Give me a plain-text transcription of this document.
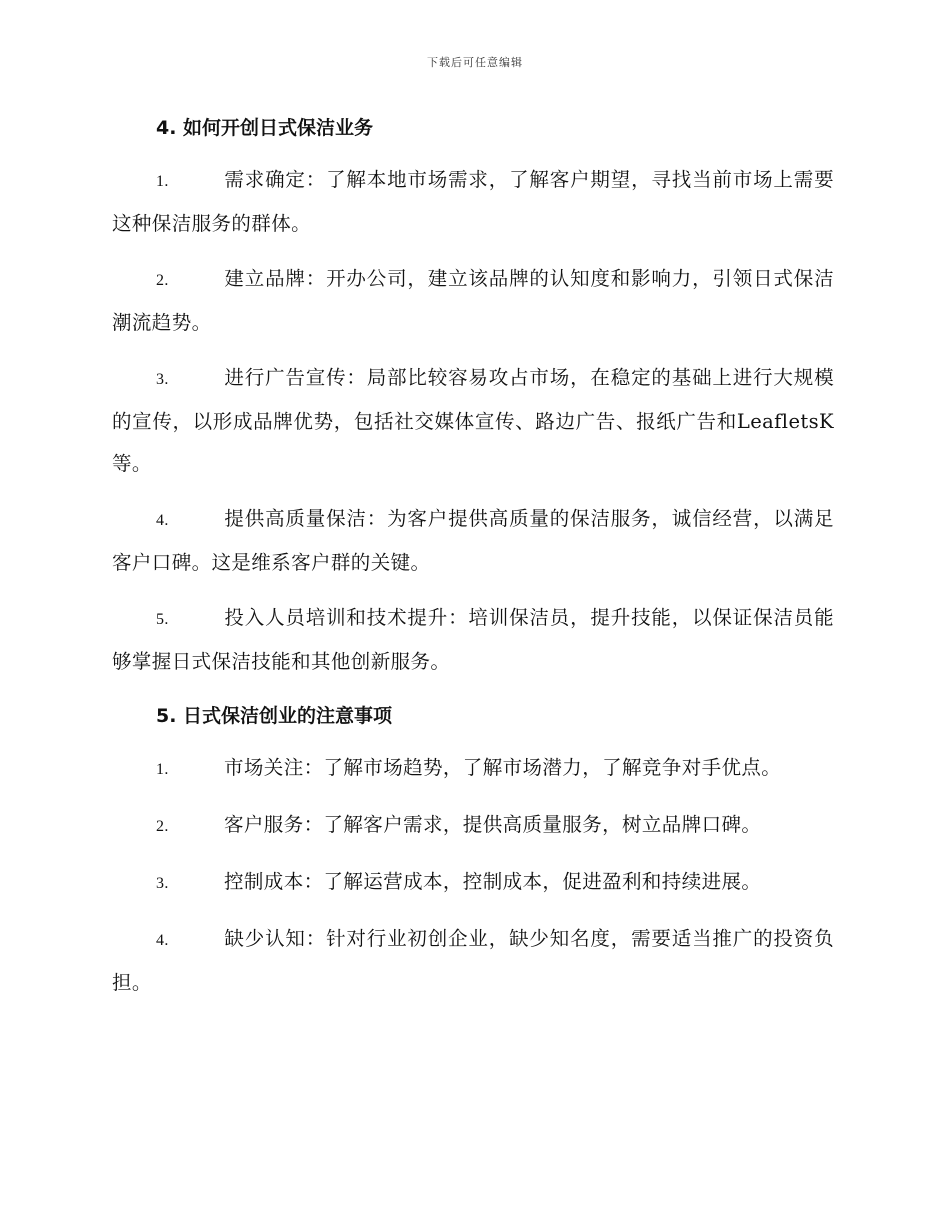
下载后可任意编辑
4. 如何开创日式保洁业务

1.	需求确定：了解本地市场需求，了解客户期望，寻找当前市场上需要这种保洁服务的群体。

2.	建立品牌：开办公司，建立该品牌的认知度和影响力，引领日式保洁潮流趋势。

3.	进行广告宣传：局部比较容易攻占市场，在稳定的基础上进行大规模的宣传，以形成品牌优势，包括社交媒体宣传、路边广告、报纸广告和LeafletsK等。

4.	提供高质量保洁：为客户提供高质量的保洁服务，诚信经营，以满足客户口碑。这是维系客户群的关键。

5.	投入人员培训和技术提升：培训保洁员，提升技能，以保证保洁员能够掌握日式保洁技能和其他创新服务。

5. 日式保洁创业的注意事项

1.	市场关注：了解市场趋势，了解市场潜力，了解竞争对手优点。

2.	客户服务：了解客户需求，提供高质量服务，树立品牌口碑。

3.	控制成本：了解运营成本，控制成本，促进盈利和持续进展。

4.	缺少认知：针对行业初创企业，缺少知名度，需要适当推广的投资负担。
